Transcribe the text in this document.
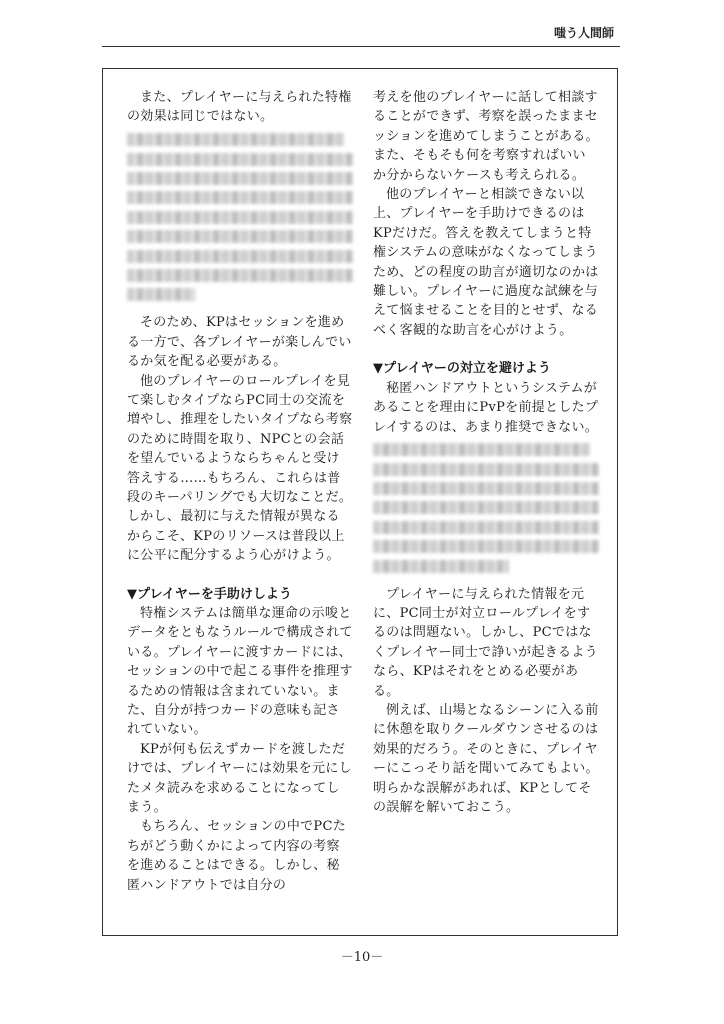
嗤う人間師

また、プレイヤーに与えられた特権の効果は同じではない。

そのため、KPはセッションを進める一方で、各プレイヤーが楽しんでいるか気を配る必要がある。

他のプレイヤーのロールプレイを見て楽しむタイプならPC同士の交流を増やし、推理をしたいタイプなら考察のために時間を取り、NPCとの会話を望んでいるようならちゃんと受け答えする……もちろん、これらは普段のキーパリングでも大切なことだ。しかし、最初に与えた情報が異なるからこそ、KPのリソースは普段以上に公平に配分するよう心がけよう。

▼プレイヤーを手助けしよう

特権システムは簡単な運命の示唆とデータをともなうルールで構成されている。プレイヤーに渡すカードには、セッションの中で起こる事件を推理するための情報は含まれていない。また、自分が持つカードの意味も記されていない。

KPが何も伝えずカードを渡しただけでは、プレイヤーには効果を元にしたメタ読みを求めることになってしまう。

もちろん、セッションの中でPCたちがどう動くかによって内容の考察を進めることはできる。しかし、秘匿ハンドアウトでは自分の

考えを他のプレイヤーに話して相談することができず、考察を誤ったままセッションを進めてしまうことがある。また、そもそも何を考察すればいいか分からないケースも考えられる。

他のプレイヤーと相談できない以上、プレイヤーを手助けできるのはKPだけだ。答えを教えてしまうと特権システムの意味がなくなってしまうため、どの程度の助言が適切なのかは難しい。プレイヤーに過度な試練を与えて悩ませることを目的とせず、なるべく客観的な助言を心がけよう。

▼プレイヤーの対立を避けよう

秘匿ハンドアウトというシステムがあることを理由にPvPを前提としたプレイするのは、あまり推奨できない。

プレイヤーに与えられた情報を元に、PC同士が対立ロールプレイをするのは問題ない。しかし、PCではなくプレイヤー同士で諍いが起きるようなら、KPはそれをとめる必要がある。

例えば、山場となるシーンに入る前に休憩を取りクールダウンさせるのは効果的だろう。そのときに、プレイヤーにこっそり話を聞いてみてもよい。明らかな誤解があれば、KPとしてその誤解を解いておこう。

－10－
